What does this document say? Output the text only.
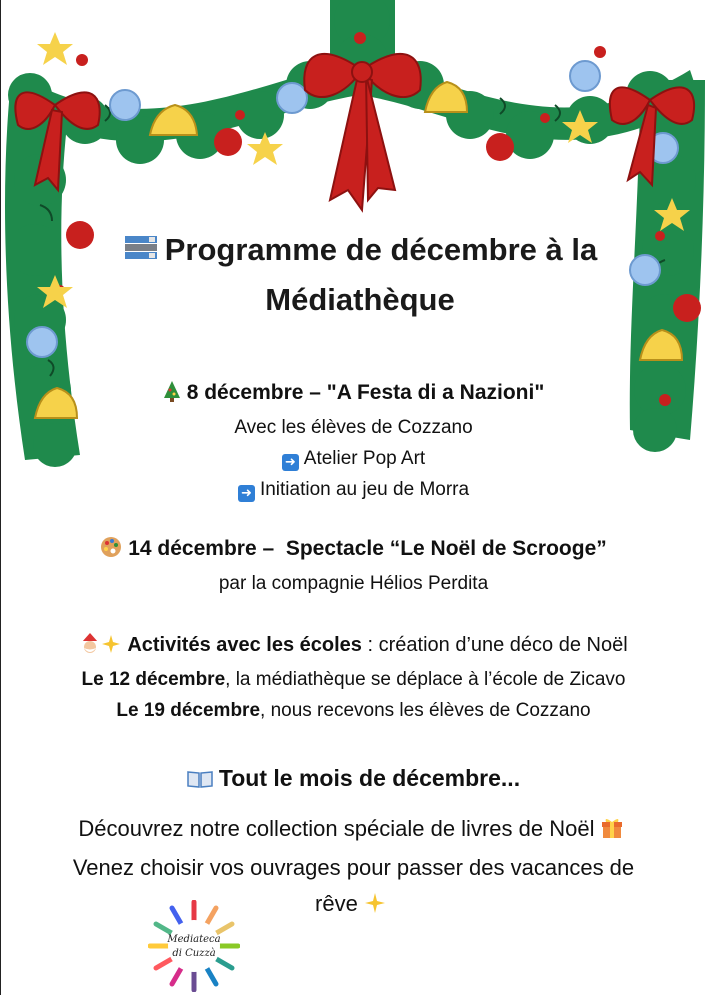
Programme de décembre à la Médiathèque
8 décembre – "A Festa di a Nazioni"
Avec les élèves de Cozzano
➜ Atelier Pop Art
➜ Initiation au jeu de Morra
14 décembre – Spectacle “Le Noël de Scrooge”
par la compagnie Hélios Perdita
Activités avec les écoles : création d’une déco de Noël
Le 12 décembre, la médiathèque se déplace à l’école de Zicavo
Le 19 décembre, nous recevons les élèves de Cozzano
Tout le mois de décembre...
Découvrez notre collection spéciale de livres de Noël
Venez choisir vos ouvrages pour passer des vacances de
rêve
Mediateca
di Cuzzà
